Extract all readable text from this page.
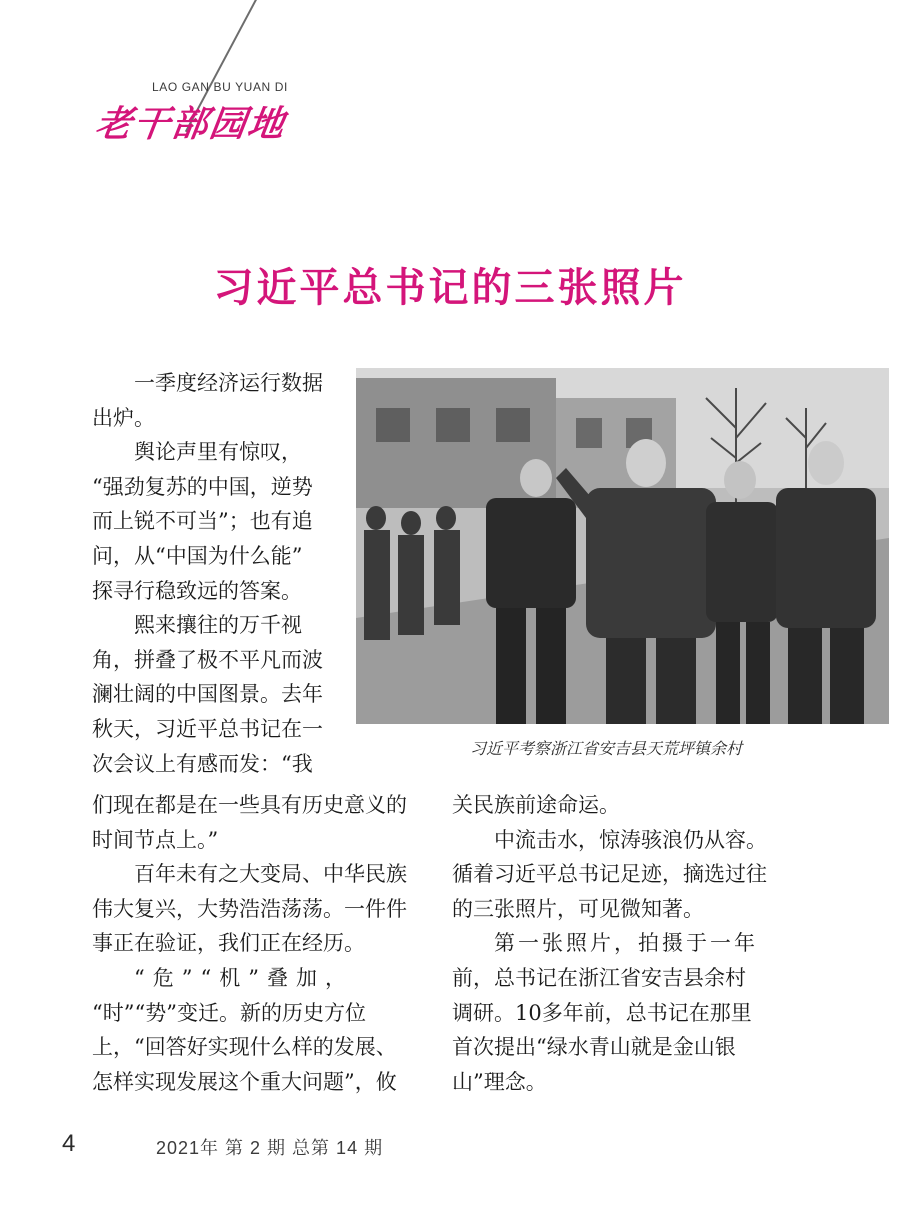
LAO GAN BU YUAN DI
老干部园地
习近平总书记的三张照片
习近平考察浙江省安吉县天荒坪镇余村

一季度经济运行数据

出炉。

舆论声里有惊叹，

“强劲复苏的中国，逆势

而上锐不可当”；也有追

问，从“中国为什么能”

探寻行稳致远的答案。

熙来攘往的万千视

角，拼叠了极不平凡而波

澜壮阔的中国图景。去年

秋天，习近平总书记在一

次会议上有感而发：“我

们现在都是在一些具有历史意义的

时间节点上。”

百年未有之大变局、中华民族

伟大复兴，大势浩浩荡荡。一件件

事正在验证，我们正在经历。

“危”“机”叠加，

“时”“势”变迁。新的历史方位

上，“回答好实现什么样的发展、

怎样实现发展这个重大问题”，攸

关民族前途命运。

中流击水，惊涛骇浪仍从容。

循着习近平总书记足迹，摘选过往

的三张照片，可见微知著。

第一张照片，拍摄于一年

前，总书记在浙江省安吉县余村

调研。10多年前，总书记在那里

首次提出“绿水青山就是金山银

山”理念。

4	2021年 第 2 期 总第 14 期
